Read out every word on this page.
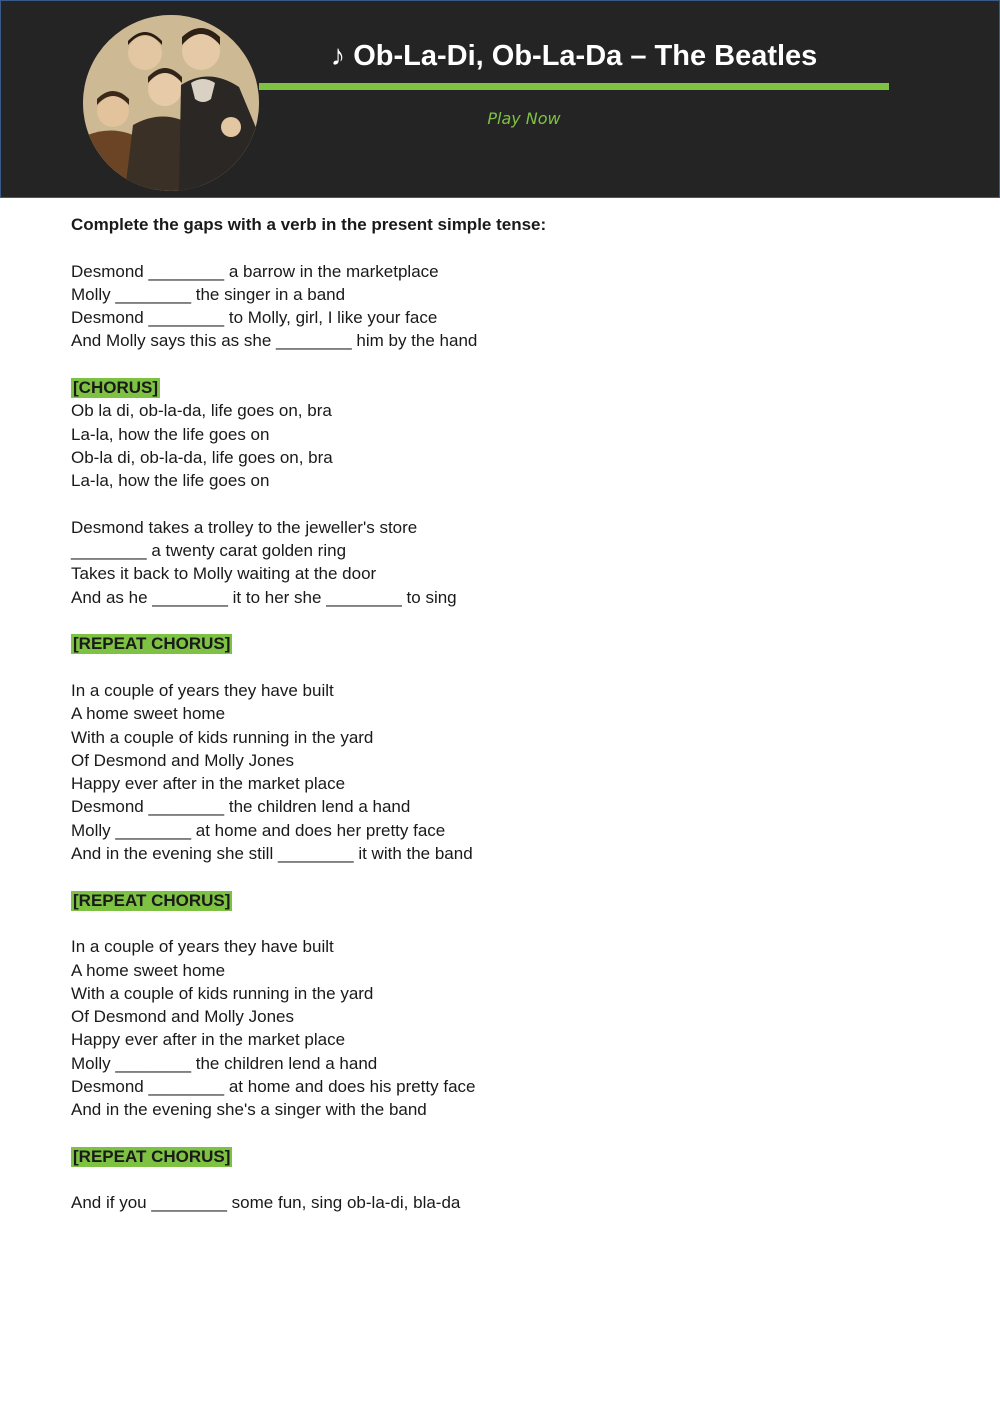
♪ Ob-La-Di, Ob-La-Da – The Beatles
Play Now
Complete the gaps with a verb in the present simple tense:
Desmond ________ a barrow in the marketplace
Molly ________ the singer in a band
Desmond ________ to Molly, girl, I like your face
And Molly says this as she ________ him by the hand
[CHORUS]
Ob la di, ob-la-da, life goes on, bra
La-la, how the life goes on
Ob-la di, ob-la-da, life goes on, bra
La-la, how the life goes on
Desmond takes a trolley to the jeweller's store
________ a twenty carat golden ring
Takes it back to Molly waiting at the door
And as he ________ it to her she ________ to sing
[REPEAT CHORUS]
In a couple of years they have built
A home sweet home
With a couple of kids running in the yard
Of Desmond and Molly Jones
Happy ever after in the market place
Desmond ________ the children lend a hand
Molly ________ at home and does her pretty face
And in the evening she still ________ it with the band
[REPEAT CHORUS]
In a couple of years they have built
A home sweet home
With a couple of kids running in the yard
Of Desmond and Molly Jones
Happy ever after in the market place
Molly ________ the children lend a hand
Desmond ________ at home and does his pretty face
And in the evening she's a singer with the band
[REPEAT CHORUS]
And if you ________ some fun, sing ob-la-di, bla-da
